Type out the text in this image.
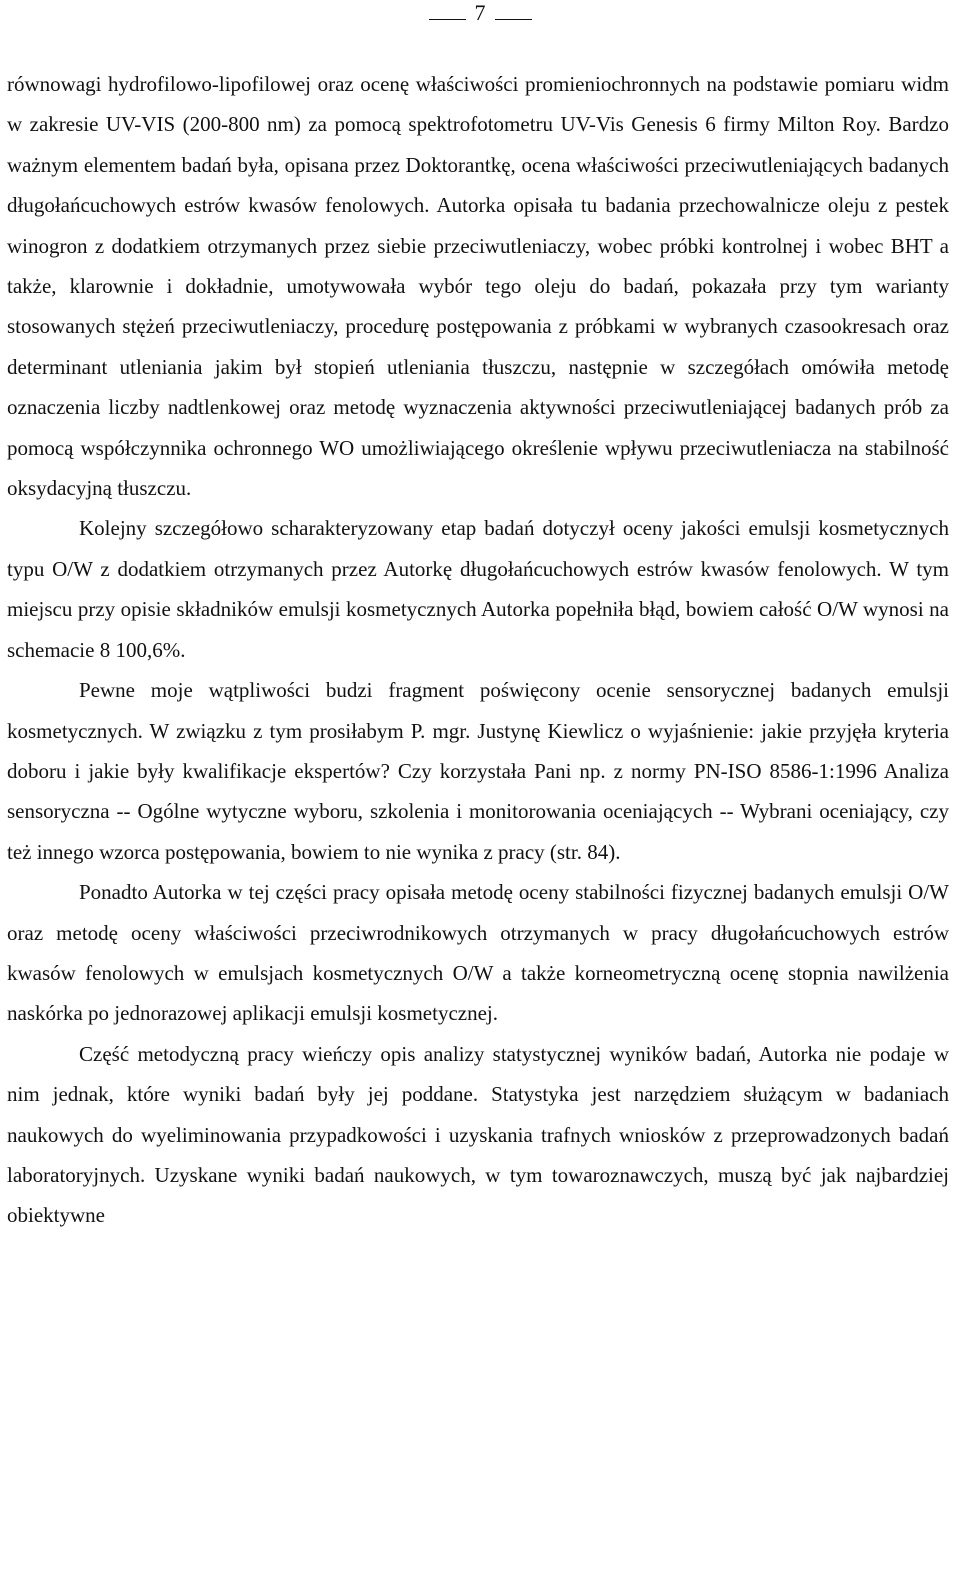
7

równowagi hydrofilowo-lipofilowej oraz ocenę właściwości promieniochronnych na podstawie pomiaru widm w zakresie UV-VIS (200-800 nm) za pomocą spektrofotometru UV-Vis Genesis 6 firmy Milton Roy. Bardzo ważnym elementem badań była, opisana przez Doktorantkę, ocena właściwości przeciwutleniających badanych długołańcuchowych estrów kwasów fenolowych. Autorka opisała tu badania przechowalnicze oleju z pestek winogron z dodatkiem otrzymanych przez siebie przeciwutleniaczy, wobec próbki kontrolnej i wobec BHT a także, klarownie i dokładnie, umotywowała wybór tego oleju do badań, pokazała przy tym warianty stosowanych stężeń przeciwutleniaczy, procedurę postępowania z próbkami w wybranych czasookresach oraz determinant utleniania jakim był stopień utleniania tłuszczu, następnie w szczegółach omówiła metodę oznaczenia liczby nadtlenkowej oraz metodę wyznaczenia aktywności przeciwutleniającej badanych prób za pomocą współczynnika ochronnego WO umożliwiającego określenie wpływu przeciwutleniacza na stabilność oksydacyjną tłuszczu.

Kolejny szczegółowo scharakteryzowany etap badań dotyczył oceny jakości emulsji kosmetycznych typu O/W z dodatkiem otrzymanych przez Autorkę długołańcuchowych estrów kwasów fenolowych. W tym miejscu przy opisie składników emulsji kosmetycznych Autorka popełniła błąd, bowiem całość O/W wynosi na schemacie 8 100,6%.

Pewne moje wątpliwości budzi fragment poświęcony ocenie sensorycznej badanych emulsji kosmetycznych. W związku z tym prosiłabym P. mgr. Justynę Kiewlicz o wyjaśnienie: jakie przyjęła kryteria doboru i jakie były kwalifikacje ekspertów? Czy korzystała Pani np. z normy PN-ISO 8586-1:1996 Analiza sensoryczna -- Ogólne wytyczne wyboru, szkolenia i monitorowania oceniających -- Wybrani oceniający, czy też innego wzorca postępowania, bowiem to nie wynika z pracy (str. 84).

Ponadto Autorka w tej części pracy opisała metodę oceny stabilności fizycznej badanych emulsji O/W oraz metodę oceny właściwości przeciwrodnikowych otrzymanych w pracy długołańcuchowych estrów kwasów fenolowych w emulsjach kosmetycznych O/W a także korneometryczną ocenę stopnia nawilżenia naskórka po jednorazowej aplikacji emulsji kosmetycznej.

Część metodyczną pracy wieńczy opis analizy statystycznej wyników badań, Autorka nie podaje w nim jednak, które wyniki badań były jej poddane. Statystyka jest narzędziem służącym w badaniach naukowych do wyeliminowania przypadkowości i uzyskania trafnych wniosków z przeprowadzonych badań laboratoryjnych. Uzyskane wyniki badań naukowych, w tym towaroznawczych, muszą być jak najbardziej obiektywne
